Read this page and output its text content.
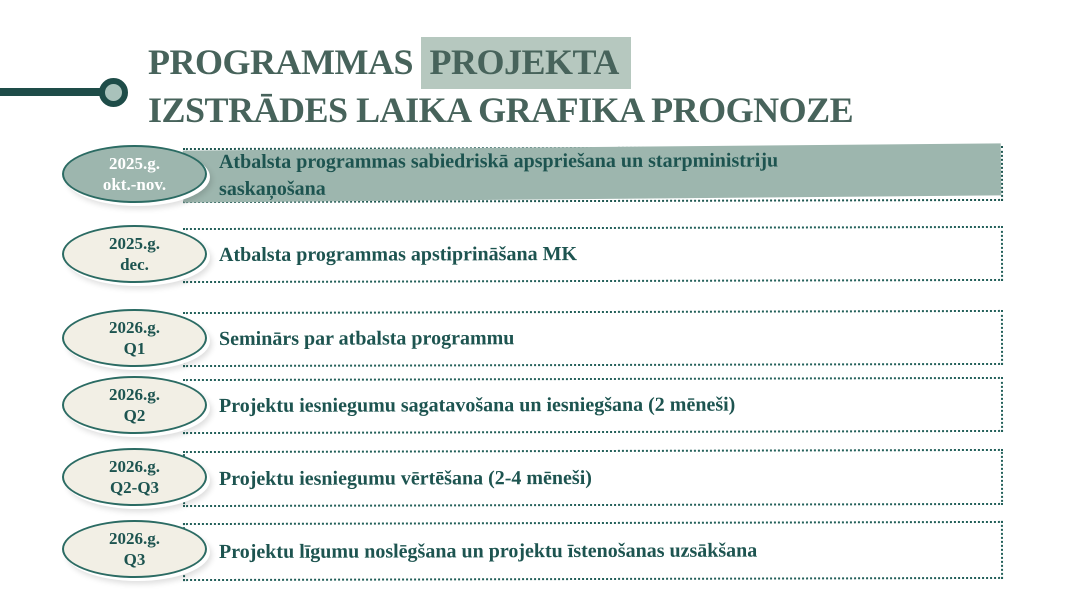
PROGRAMMAS PROJEKTA
IZSTRĀDES LAIKA GRAFIKA PROGNOZE
Atbalsta programmas sabiedriskā apspriešana un starpministriju saskaņošana
2025.g.
okt.-nov.
Atbalsta programmas apstiprināšana MK
2025.g.
dec.
Seminārs par atbalsta programmu
2026.g.
Q1
Projektu iesniegumu sagatavošana un iesniegšana (2 mēneši)
2026.g.
Q2
Projektu iesniegumu vērtēšana (2-4 mēneši)
2026.g.
Q2-Q3
Projektu līgumu noslēgšana un projektu īstenošanas uzsākšana
2026.g.
Q3
